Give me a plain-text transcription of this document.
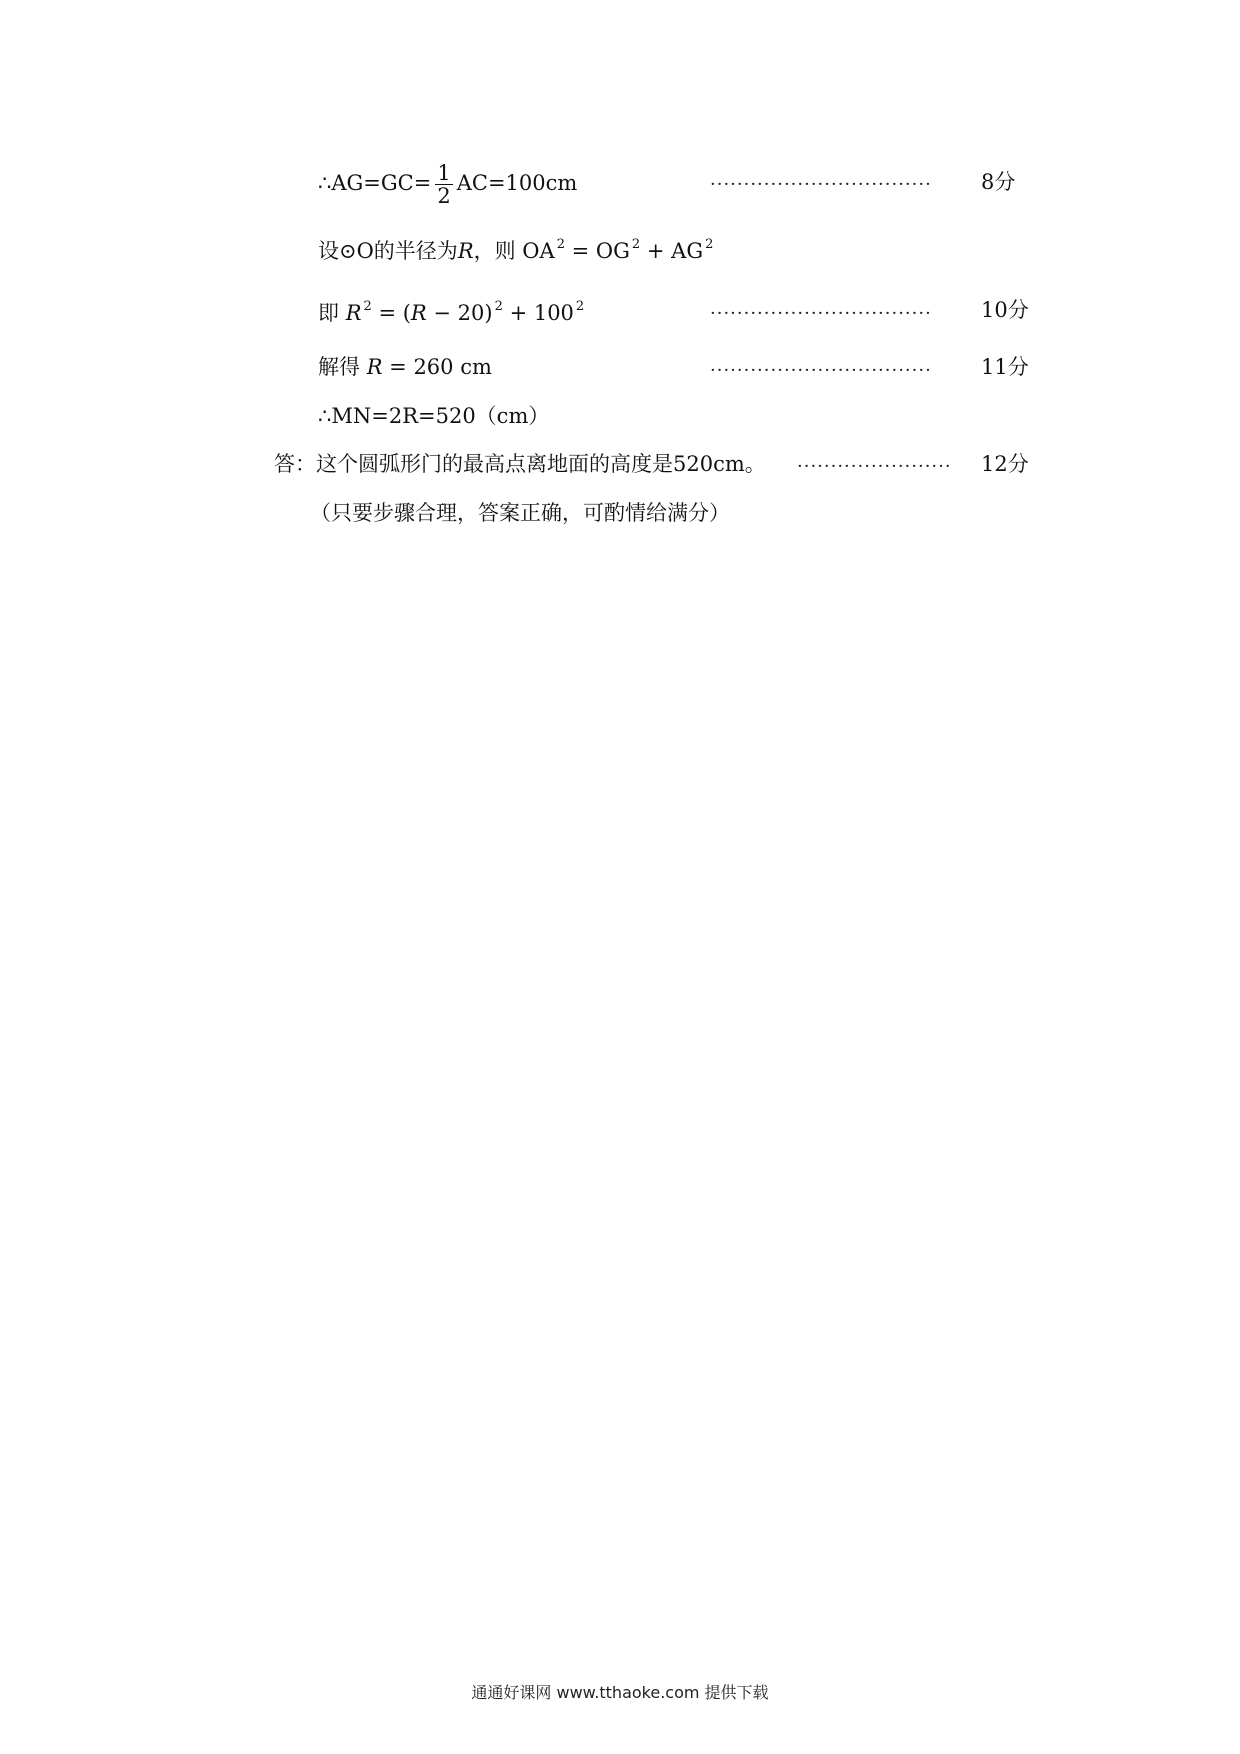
∴AG=GC= $\frac{1}{2} AC=100cm$	································· 8分
设⊙O的半径为R，则 OA $^2$ = OG $^2$ + AG $^2$
即 R $^2$ = (R − 20) $^2$ + 100 $^2$	································· 10分
解得 R = 260 cm	································· 11分
∴MN=2R=520（cm）
答：这个圆弧形门的最高点离地面的高度是520cm。 ······················· 12分
（只要步骤合理，答案正确，可酌情给满分）
通通好课网 www.tthaoke.com 提供下载
